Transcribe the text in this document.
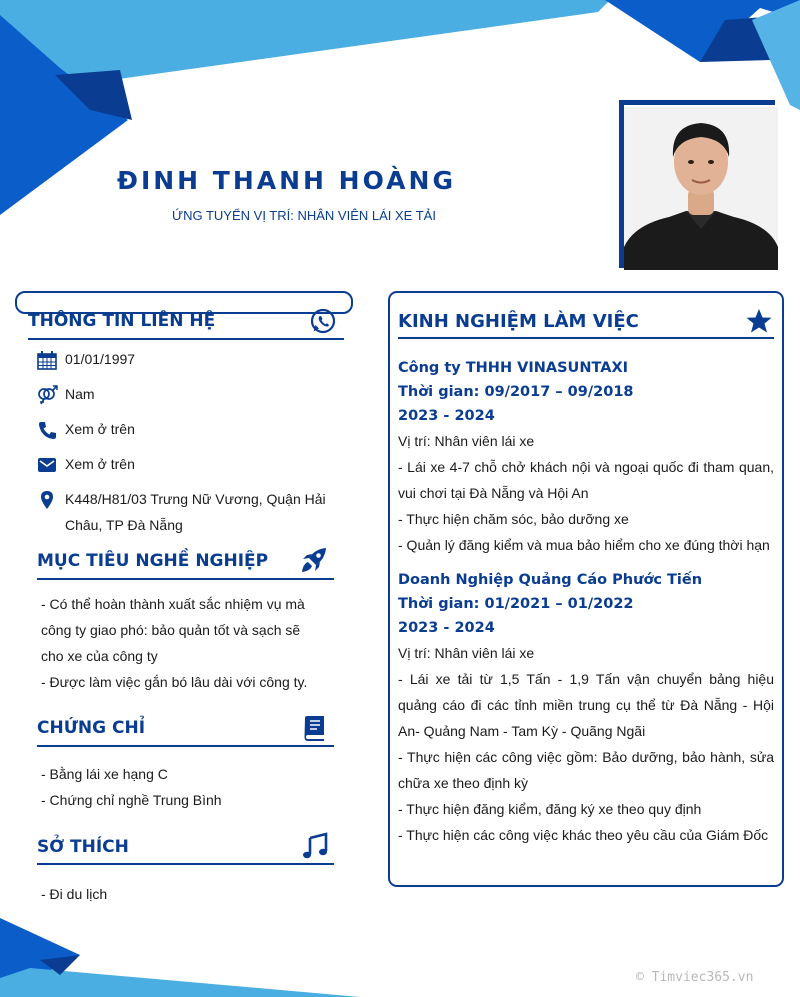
ĐINH THANH HOÀNG
ỨNG TUYỂN VỊ TRÍ: NHÂN VIÊN LÁI XE TẢI
THÔNG TIN LIÊN HỆ
01/01/1997
Nam
Xem ở trên
Xem ở trên
K448/H81/03 Trưng Nữ Vương, Quận Hải Châu, TP Đà Nẵng
MỤC TIÊU NGHỀ NGHIỆP

- Có thể hoàn thành xuất sắc nhiệm vụ mà công ty giao phó: bảo quản tốt và sạch sẽ cho xe của công ty

- Được làm việc gắn bó lâu dài với công ty.

CHỨNG CHỈ

- Bằng lái xe hạng C

- Chứng chỉ nghề Trung Bình

SỞ THÍCH

- Đi du lịch

KINH NGHIỆM LÀM VIỆC
Công ty THHH VINASUNTAXI
Thời gian: 09/2017 – 09/2018
2023 - 2024
Vị trí: Nhân viên lái xe
- Lái xe 4-7 chỗ chở khách nội và ngoại quốc đi tham quan, vui chơi tại Đà Nẵng và Hội An
- Thực hiện chăm sóc, bảo dưỡng xe
- Quản lý đăng kiểm và mua bảo hiểm cho xe đúng thời hạn
Doanh Nghiệp Quảng Cáo Phước Tiến
Thời gian: 01/2021 – 01/2022
2023 - 2024
Vị trí: Nhân viên lái xe
- Lái xe tải từ 1,5 Tấn - 1,9 Tấn vận chuyển bảng hiệu quảng cáo đi các tỉnh miền trung cụ thể từ Đà Nẵng - Hội An- Quảng Nam - Tam Kỳ - Quãng Ngãi
- Thực hiện các công việc gồm: Bảo dưỡng, bảo hành, sửa chữa xe theo định kỳ
- Thực hiện đăng kiểm, đăng ký xe theo quy định
- Thực hiện các công việc khác theo yêu cầu của Giám Đốc
© Timviec365.vn
